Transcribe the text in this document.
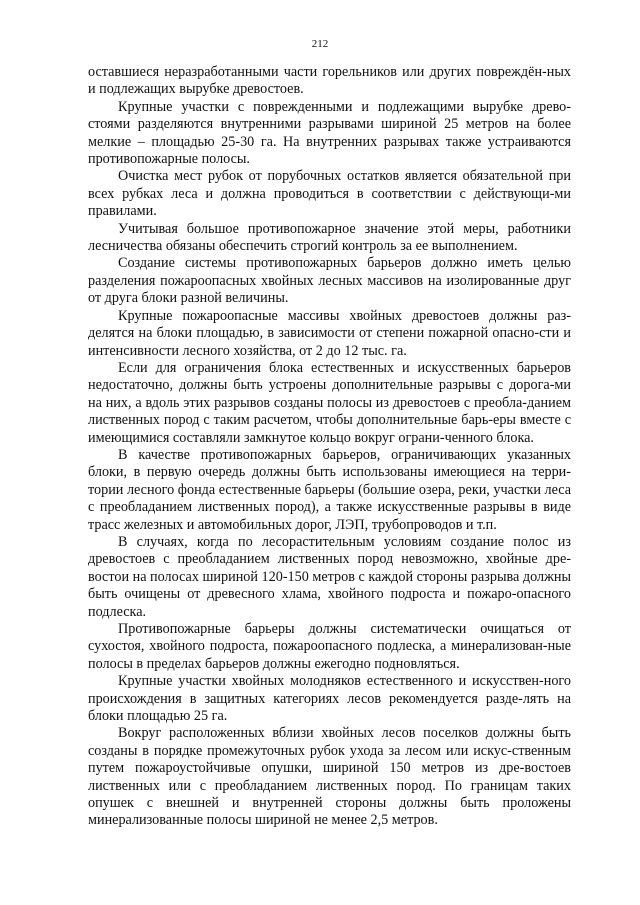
212

оставшиеся неразработанными части горельников или других повреждён-ных и подлежащих вырубке древостоев.

Крупные участки с поврежденными и подлежащими вырубке древо-стоями разделяются внутренними разрывами шириной 25 метров на более мелкие – площадью 25-30 га. На внутренних разрывах также устраиваются противопожарные полосы.

Очистка мест рубок от порубочных остатков является обязательной при всех рубках леса и должна проводиться в соответствии с действующи-ми правилами.

Учитывая большое противопожарное значение этой меры, работники лесничества обязаны обеспечить строгий контроль за ее выполнением.

Создание системы противопожарных барьеров должно иметь целью разделения пожароопасных хвойных лесных массивов на изолированные друг от друга блоки разной величины.

Крупные пожароопасные массивы хвойных древостоев должны раз-делятся на блоки площадью, в зависимости от степени пожарной опасно-сти и интенсивности лесного хозяйства, от 2 до 12 тыс. га.

Если для ограничения блока естественных и искусственных барьеров недостаточно, должны быть устроены дополнительные разрывы с дорога-ми на них, а вдоль этих разрывов созданы полосы из древостоев с преобла-данием лиственных пород с таким расчетом, чтобы дополнительные барь-еры вместе с имеющимися составляли замкнутое кольцо вокруг ограни-ченного блока.

В качестве противопожарных барьеров, ограничивающих указанных блоки, в первую очередь должны быть использованы имеющиеся на терри-тории лесного фонда естественные барьеры (большие озера, реки, участки леса с преобладанием лиственных пород), а также искусственные разрывы в виде трасс железных и автомобильных дорог, ЛЭП, трубопроводов и т.п.

В случаях, когда по лесорастительным условиям создание полос из древостоев с преобладанием лиственных пород невозможно, хвойные дре-востои на полосах шириной 120-150 метров с каждой стороны разрыва должны быть очищены от древесного хлама, хвойного подроста и пожаро-опасного подлеска.

Противопожарные барьеры должны систематически очищаться от сухостоя, хвойного подроста, пожароопасного подлеска, а минерализован-ные полосы в пределах барьеров должны ежегодно подновляться.

Крупные участки хвойных молодняков естественного и искусствен-ного происхождения в защитных категориях лесов рекомендуется разде-лять на блоки площадью 25 га.

Вокруг расположенных вблизи хвойных лесов поселков должны быть созданы в порядке промежуточных рубок ухода за лесом или искус-ственным путем пожароустойчивые опушки, шириной 150 метров из дре-востоев лиственных или с преобладанием лиственных пород. По границам таких опушек с внешней и внутренней стороны должны быть проложены минерализованные полосы шириной не менее 2,5 метров.
